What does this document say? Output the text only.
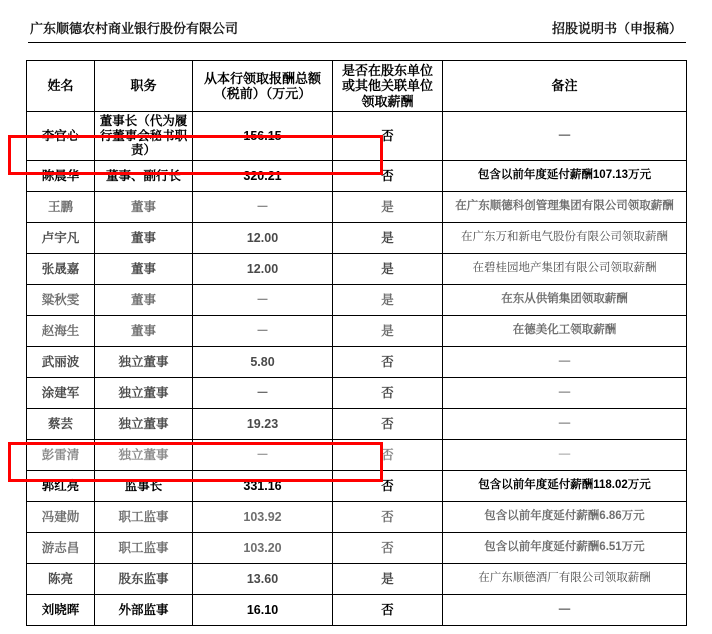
广东顺德农村商业银行股份有限公司	招股说明书（申报稿）
姓名	职务	从本行领取报酬总额（税前）（万元）	是否在股东单位或其他关联单位领取薪酬	备注
李官心	董事长（代为履行董事会秘书职责）	156.15	否	—
陈晨华	董事、副行长	320.21	否	包含以前年度延付薪酬107.13万元
王鹏	董事	－	是	在广东顺德科创管理集团有限公司领取薪酬
卢宇凡	董事	12.00	是	在广东万和新电气股份有限公司领取薪酬
张晟嘉	董事	12.00	是	在碧桂园地产集团有限公司领取薪酬
粱秋雯	董事	－	是	在东从供销集团领取薪酬
赵海生	董事	－	是	在德美化工领取薪酬
武丽波	独立董事	5.80	否	—
涂建军	独立董事	－	否	—
蔡芸	独立董事	19.23	否	—
彭雷清	独立董事	－	否	—
郭红亮	监事长	331.16	否	包含以前年度延付薪酬118.02万元
冯建勋	职工监事	103.92	否	包含以前年度延付薪酬6.86万元
游志昌	职工监事	103.20	否	包含以前年度延付薪酬6.51万元
陈亮	股东监事	13.60	是	在广东顺德酒厂有限公司领取薪酬
刘晓晖	外部监事	16.10	否	—
